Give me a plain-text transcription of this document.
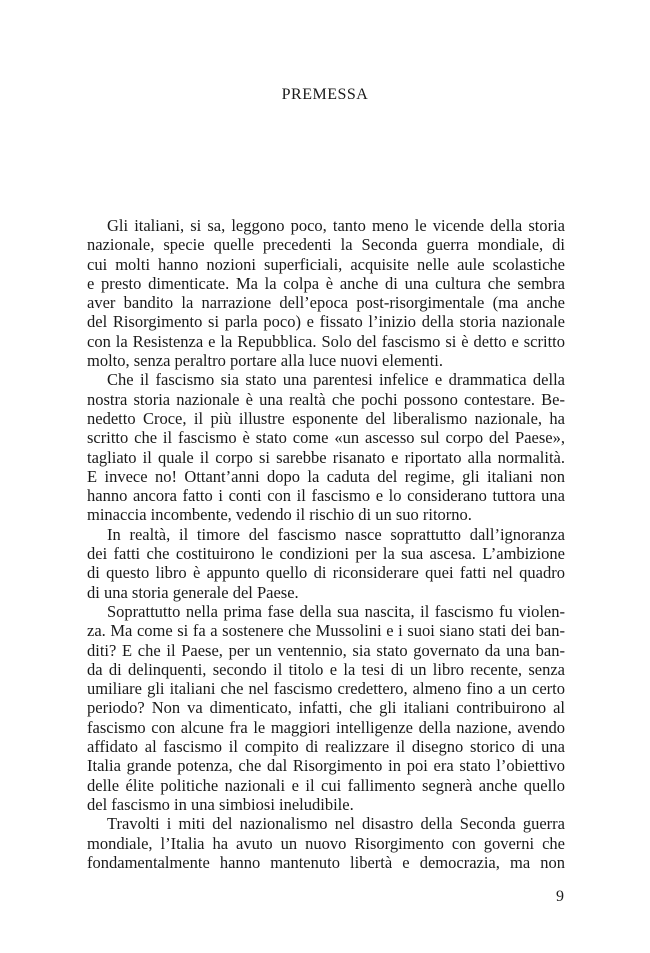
PREMESSA
Gli italiani, si sa, leggono poco, tanto meno le vicende della storia
nazionale, specie quelle precedenti la Seconda guerra mondiale, di
cui molti hanno nozioni superficiali, acquisite nelle aule scolastiche
e presto dimenticate. Ma la colpa è anche di una cultura che sembra
aver bandito la narrazione dell’epoca post-risorgimentale (ma anche
del Risorgimento si parla poco) e fissato l’inizio della storia nazionale
con la Resistenza e la Repubblica. Solo del fascismo si è detto e scritto
molto, senza peraltro portare alla luce nuovi elementi.
Che il fascismo sia stato una parentesi infelice e drammatica della
nostra storia nazionale è una realtà che pochi possono contestare. Be-
nedetto Croce, il più illustre esponente del liberalismo nazionale, ha
scritto che il fascismo è stato come «un ascesso sul corpo del Paese»,
tagliato il quale il corpo si sarebbe risanato e riportato alla normalità.
E invece no! Ottant’anni dopo la caduta del regime, gli italiani non
hanno ancora fatto i conti con il fascismo e lo considerano tuttora una
minaccia incombente, vedendo il rischio di un suo ritorno.
In realtà, il timore del fascismo nasce soprattutto dall’ignoranza
dei fatti che costituirono le condizioni per la sua ascesa. L’ambizione
di questo libro è appunto quello di riconsiderare quei fatti nel quadro
di una storia generale del Paese.
Soprattutto nella prima fase della sua nascita, il fascismo fu violen-
za. Ma come si fa a sostenere che Mussolini e i suoi siano stati dei ban-
diti? E che il Paese, per un ventennio, sia stato governato da una ban-
da di delinquenti, secondo il titolo e la tesi di un libro recente, senza
umiliare gli italiani che nel fascismo credettero, almeno fino a un certo
periodo? Non va dimenticato, infatti, che gli italiani contribuirono al
fascismo con alcune fra le maggiori intelligenze della nazione, avendo
affidato al fascismo il compito di realizzare il disegno storico di una
Italia grande potenza, che dal Risorgimento in poi era stato l’obiettivo
delle élite politiche nazionali e il cui fallimento segnerà anche quello
del fascismo in una simbiosi ineludibile.
Travolti i miti del nazionalismo nel disastro della Seconda guerra
mondiale, l’Italia ha avuto un nuovo Risorgimento con governi che
fondamentalmente hanno mantenuto libertà e democrazia, ma non
9
